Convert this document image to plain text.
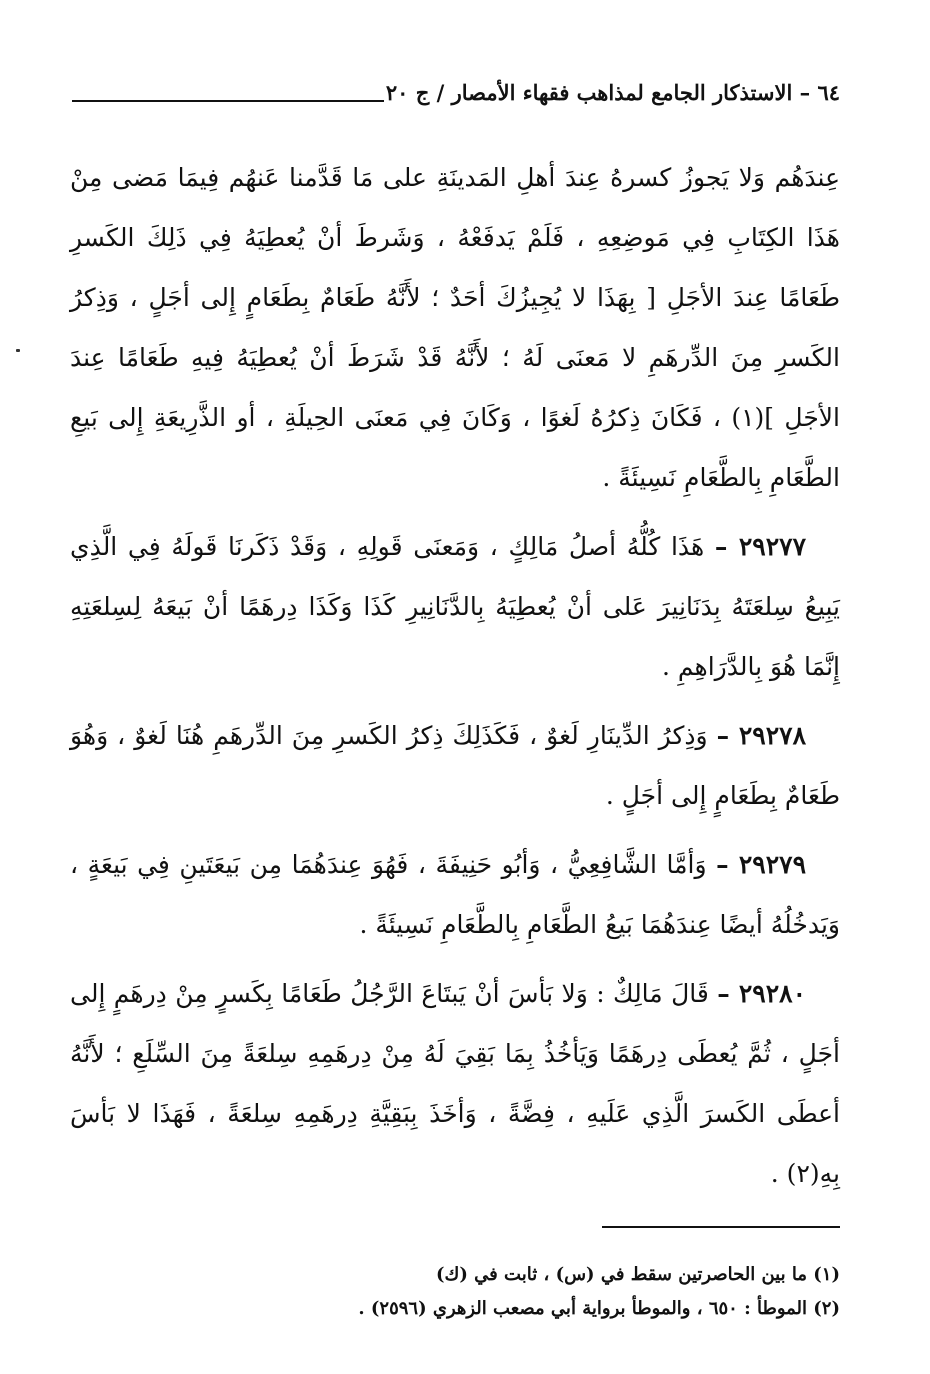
٦٤ – الاستذكار الجامع لمذاهب فقهاء الأمصار / ج ٢٠

عِندَهُم وَلا يَجوزُ كسرهُ عِندَ أهلِ المَدينَةِ على مَا قَدَّمنا عَنهُم فِيمَا مَضى مِنْ هَذَا الكِتَابِ فِي مَوضِعِهِ ، فَلَمْ يَدفَعْهُ ، وَشَرطَ أنْ يُعطِيَهُ فِي ذَلِكَ الكَسرِ طَعَامًا عِندَ الأجَلِ [ بِهَذَا لا يُجِيزُكَ أحَدٌ ؛ لأَنَّهُ طَعَامٌ بِطَعَامٍ إِلى أجَلٍ ، وَذِكرُ الكَسرِ مِنَ الدِّرهَمِ لا مَعنَى لَهُ ؛ لأَنَّهُ قَدْ شَرَطَ أنْ يُعطِيَهُ فِيهِ طَعَامًا عِندَ الأجَلِ ](١) ، فَكَانَ ذِكرُهُ لَغوًا ، وَكَانَ فِي مَعنَى الحِيلَةِ ، أو الذَّرِيعَةِ إِلى بَيعِ الطَّعَامِ بِالطَّعَامِ نَسِيئَةً .

٢٩٢٧٧ – هَذَا كُلُّهُ أصلُ مَالِكٍ ، وَمَعنَى قَولِهِ ، وَقَدْ ذَكَرنَا قَولَهُ فِي الَّذِي يَبِيعُ سِلعَتَهُ بِدَنَانِيرَ عَلى أنْ يُعطِيَهُ بِالدَّنَانِيرِ كَذَا وَكَذَا دِرهَمًا أنْ بَيعَهُ لِسِلعَتِهِ إِنَّمَا هُوَ بِالدَّرَاهِمِ .

٢٩٢٧٨ – وَذِكرُ الدِّينَارِ لَغوٌ ، فَكَذَلِكَ ذِكرُ الكَسرِ مِنَ الدِّرهَمِ هُنَا لَغوٌ ، وَهُوَ طَعَامٌ بِطَعَامٍ إِلى أجَلٍ .

٢٩٢٧٩ – وَأمَّا الشَّافِعِيُّ ، وَأبُو حَنِيفَةَ ، فَهُوَ عِندَهُمَا مِن بَيعَتَينِ فِي بَيعَةٍ ، وَيَدخُلُهُ أيضًا عِندَهُمَا بَيعُ الطَّعَامِ بِالطَّعَامِ نَسِيئَةً .

٢٩٢٨٠ – قَالَ مَالِكٌ : وَلا بَأسَ أنْ يَبتَاعَ الرَّجُلُ طَعَامًا بِكَسرٍ مِنْ دِرهَمٍ إِلى أجَلٍ ، ثُمَّ يُعطَى دِرهَمًا وَيَأخُذُ بِمَا بَقِيَ لَهُ مِنْ دِرهَمِهِ سِلعَةً مِنَ السِّلَعِ ؛ لأَنَّهُ أعطَى الكَسرَ الَّذِي عَلَيهِ ، فِضَّةً ، وَأخَذَ بِبَقِيَّةِ دِرهَمِهِ سِلعَةً ، فَهَذَا لا بَأسَ بِهِ(٢) .

(١) ما بين الحاصرتين سقط في (س) ، ثابت في (ك)

(٢) الموطأ : ٦٥٠ ، والموطأ برواية أبي مصعب الزهري (٢٥٩٦) .
